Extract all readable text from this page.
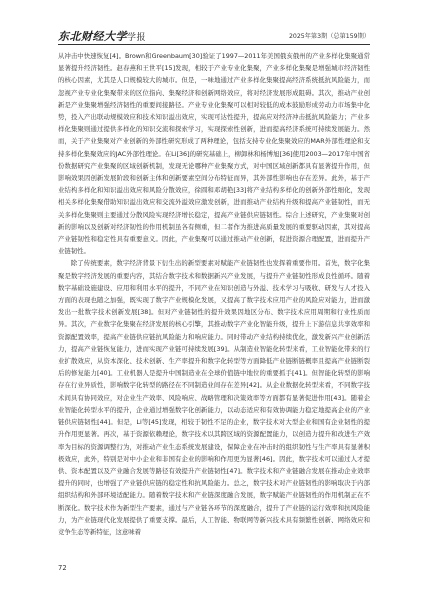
东北财经大学学报	2025年第3期（总第159期）

从冲击中快速恢复[4]。Brown和Greenbaum[30]验证了1997—2011年美国俄亥俄州的产业多样化集聚通常显著提升经济韧性。赵春燕和王世平[15]发现，相较于产业专业化集聚，产业多样化集聚是增强城市经济韧性的核心因素，尤其是人口规模较大的城市。但是，一味地通过产业多样化集聚提高经济系统抵抗风险能力，而忽视产业专业化集聚带来的区位指向、集聚经济和创新网络效应，将对经济发展形成阻碍。其次，推动产业创新是产业集聚增强经济韧性的重要间接路径。产业专业化集聚可以相对较低的成本鼓励形成劳动力市场集中化势，投入产出联动规模效应和技术知识溢出效应，实现可达性提升，提高应对经济冲击抵抗风险能力；产业多样化集聚则通过提供多样化的知识交流和探索学习，实现探索性创新，进而提高经济系统可持续发展能力。然而，关于产业集聚对产业创新的外部性研究形成了两种理论，包括支持专业化集聚效应的MAR外部性理论和支持多样化集聚效应的JAC外部性理论。在Li[36]的研究基础上，柳卸林和杨博旭[36]使用2003—2017年中国省份数据研究产业集聚的区域创新机制，发现无论哪种产业集聚方式，对中国区域创新都具有显著提升作用，但影响效果因创新发展阶段和创新主体和创新要素空间分布特征而异，其外部性影响也存在差异。此外，基于产业结构多样化和知识溢出效应和风险分散效应，徐圆和邓胡艳[33]将产业结构多样化的创新外部性细化，发现相关多样化集聚借助知识溢出效应和交流外溢效应激发创新，进而推动产业结构升级和提高产业链韧性，而无关多样化集聚则主要通过分散风险实现经济增长稳定，提高产业链供应链韧性。综合上述研究，产业集聚对创新的影响以及创新对经济韧性的作用机制虽各有侧重，但二者作为推进高质量发展的重要驱动因素，其对提高产业链韧性和稳定性具有重要意义。因此，产业集聚可以通过推动产业创新，促进资源合理配置，进而提升产业链韧性。

除了传统要素，数字经济背景下衍生出的新型要素对赋能产业链韧性也发挥着重要作用。首先，数字化集聚是数字经济发展的重要内容，其结合数字技术和数据新兴产业发展，与提升产业链韧性形成良性循环。随着数字基础设施建设、应用和利用水平的提升，不同产业在知识创造与外溢、技术学习与吸收、研发与人才投入方面的表现也随之加强，既实现了数字产业规模化发展，又提高了数字技术应用产业的风险应对能力，进而激发出一批数字技术创新发展[38]。但对产业链韧性的提升效果因地区分布、数字技术应用周期和行业性质而异。其次，产业数字化集聚在经济发展的核心引擎，其推动数字产业化智能升级，提升上下游信息共享效率和资源配置效率，提高产业链供应链抗风险能力和响应能力。同时带动产业结构持续优化，激发新兴产业创新活力，提高产业链恢复能力，进而实现产业链可持续发展[39]。从制造业智能化转型来看，工业智能化带来的行业扩散效应，从资本深化、技术创新、生产率提升和数字化转型等方面降低产业链断链概率且提高产业链断裂后的修复能力[40]。工业机器人是提升中国制造业在全球价值链中地位的重要抓手[41]。但智能化转型的影响存在行业异质性，影响数字化转型的路径在不同制造业间存在差异[42]。从企业数据化转型来看，不同数字技术间具有协同效应，对企业生产效率、风险响应、战略管理和决策效率等方面都有显著促进作用[43]。随着企业智能化转型水平的提升，企业通过增强数字化创新能力，以动态适应和有效协调能力稳定地提高企业的产业链供应链韧性[44]。但是，Li等[45]发现，相较于韧性不足的企业，数字技术对大型企业和国有企业韧性的提升作用更显著。再次，基于资源依赖理论，数字技术以其跨区域的资源配置能力，以创造力提升和改进生产效率为目标的资源调整行为，对推动产业生态系统发展建设，保障企业在冲击时的组织韧性与生产率具有显著积极效应，此外，特别是对中小企业和非国有企业的影响和作用更为显著[46]。因此，数字技术可以通过人才提供、资本配置以及产业融合发展等路径有效提升产业链韧性[47]。数字技术和产业链融合发展在推动企业效率提升的同时，也增强了产业链供应链的稳定性和抗风险能力。总之，数字技术对产业链韧性的影响取决于内部组织结构和外部环境适配能力。随着数字技术和产业链深度融合发展，数字赋能产业链韧性的作用机制正在不断深化。数字技术作为新型生产要素，通过与产业链各环节的深度融合，提升了产业链的运行效率和抗风险能力，为产业链现代化发展提供了重要支撑。最后，人工智能、物联网等新兴技术具有频繁性创新、网络效应和竞争生态等新特征，这意味着

72
